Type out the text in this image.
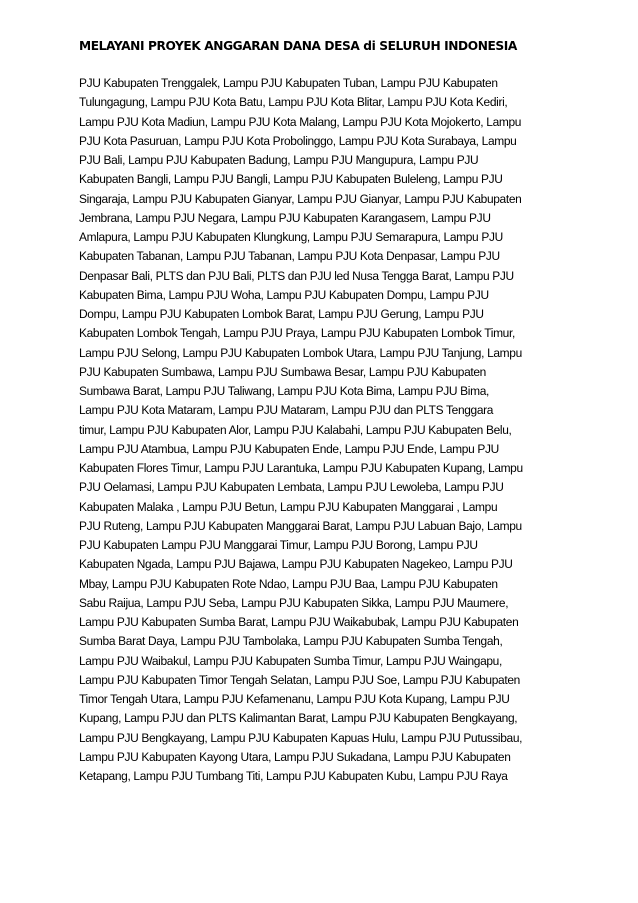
MELAYANI PROYEK ANGGARAN DANA DESA di SELURUH INDONESIA
PJU Kabupaten Trenggalek, Lampu PJU Kabupaten Tuban, Lampu PJU Kabupaten
Tulungagung, Lampu PJU Kota Batu, Lampu PJU Kota Blitar, Lampu PJU Kota Kediri,
Lampu PJU Kota Madiun, Lampu PJU Kota Malang, Lampu PJU Kota Mojokerto, Lampu
PJU Kota Pasuruan, Lampu PJU Kota Probolinggo, Lampu PJU Kota Surabaya, Lampu
PJU Bali, Lampu PJU Kabupaten Badung, Lampu PJU Mangupura, Lampu PJU
Kabupaten Bangli, Lampu PJU Bangli, Lampu PJU Kabupaten Buleleng, Lampu PJU
Singaraja, Lampu PJU Kabupaten Gianyar, Lampu PJU Gianyar, Lampu PJU Kabupaten
Jembrana, Lampu PJU Negara, Lampu PJU Kabupaten Karangasem, Lampu PJU
Amlapura, Lampu PJU Kabupaten Klungkung, Lampu PJU Semarapura, Lampu PJU
Kabupaten Tabanan, Lampu PJU Tabanan, Lampu PJU Kota Denpasar, Lampu PJU
Denpasar Bali, PLTS dan PJU Bali, PLTS dan PJU led Nusa Tengga Barat, Lampu PJU
Kabupaten Bima, Lampu PJU Woha, Lampu PJU Kabupaten Dompu, Lampu PJU
Dompu, Lampu PJU Kabupaten Lombok Barat, Lampu PJU Gerung, Lampu PJU
Kabupaten Lombok Tengah, Lampu PJU Praya, Lampu PJU Kabupaten Lombok Timur,
Lampu PJU Selong, Lampu PJU Kabupaten Lombok Utara, Lampu PJU Tanjung, Lampu
PJU Kabupaten Sumbawa, Lampu PJU Sumbawa Besar, Lampu PJU Kabupaten
Sumbawa Barat, Lampu PJU Taliwang, Lampu PJU Kota Bima, Lampu PJU Bima,
Lampu PJU Kota Mataram, Lampu PJU Mataram, Lampu PJU dan PLTS Tenggara
timur, Lampu PJU Kabupaten Alor, Lampu PJU Kalabahi, Lampu PJU Kabupaten Belu,
Lampu PJU Atambua, Lampu PJU Kabupaten Ende, Lampu PJU Ende, Lampu PJU
Kabupaten Flores Timur, Lampu PJU Larantuka, Lampu PJU Kabupaten Kupang, Lampu
PJU Oelamasi, Lampu PJU Kabupaten Lembata, Lampu PJU Lewoleba, Lampu PJU
Kabupaten Malaka , Lampu PJU Betun, Lampu PJU Kabupaten Manggarai , Lampu
PJU Ruteng, Lampu PJU Kabupaten Manggarai Barat, Lampu PJU Labuan Bajo, Lampu
PJU Kabupaten Lampu PJU Manggarai Timur, Lampu PJU Borong, Lampu PJU
Kabupaten Ngada, Lampu PJU Bajawa, Lampu PJU Kabupaten Nagekeo, Lampu PJU
Mbay, Lampu PJU Kabupaten Rote Ndao, Lampu PJU Baa, Lampu PJU Kabupaten
Sabu Raijua, Lampu PJU Seba, Lampu PJU Kabupaten Sikka, Lampu PJU Maumere,
Lampu PJU Kabupaten Sumba Barat, Lampu PJU Waikabubak, Lampu PJU Kabupaten
Sumba Barat Daya, Lampu PJU Tambolaka, Lampu PJU Kabupaten Sumba Tengah,
Lampu PJU Waibakul, Lampu PJU Kabupaten Sumba Timur, Lampu PJU Waingapu,
Lampu PJU Kabupaten Timor Tengah Selatan, Lampu PJU Soe, Lampu PJU Kabupaten
Timor Tengah Utara, Lampu PJU Kefamenanu, Lampu PJU Kota Kupang, Lampu PJU
Kupang, Lampu PJU dan PLTS Kalimantan Barat, Lampu PJU Kabupaten Bengkayang,
Lampu PJU Bengkayang, Lampu PJU Kabupaten Kapuas Hulu, Lampu PJU Putussibau,
Lampu PJU Kabupaten Kayong Utara, Lampu PJU Sukadana, Lampu PJU Kabupaten
Ketapang, Lampu PJU Tumbang Titi, Lampu PJU Kabupaten Kubu, Lampu PJU Raya
